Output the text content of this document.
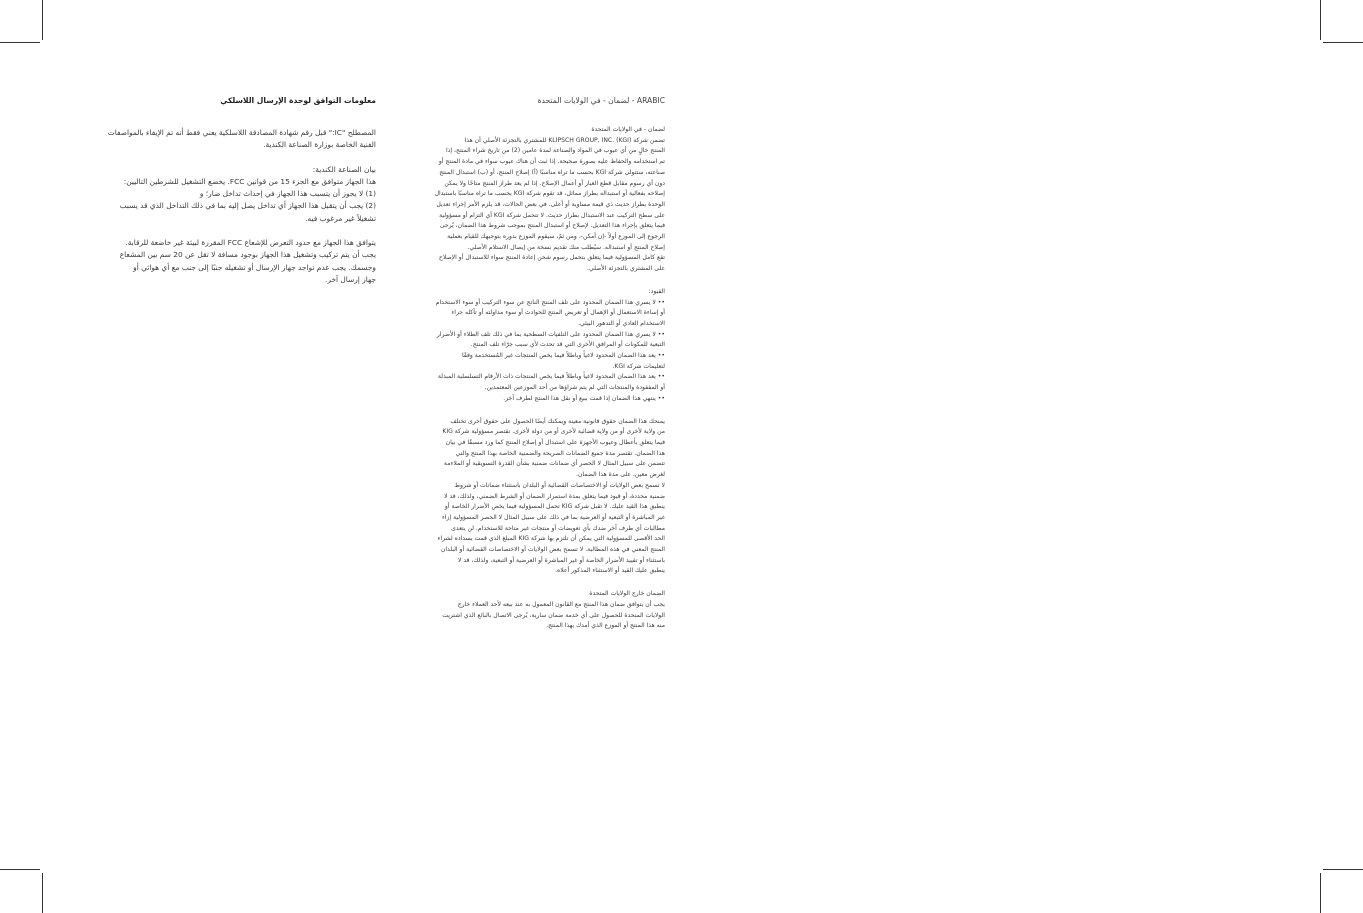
معلومات التوافق لوحدة الإرسال اللاسلكي
المصطلح "IC:" قبل رقم شهادة المصادقة اللاسلكية يعني فقط أنه تم الإيفاء بالمواصفات
الفنية الخاصة بوزارة الصناعة الكندية.
بيان الصناعة الكندية:
هذا الجهاز متوافق مع الجزء 15 من قوانين FCC. يخضع التشغيل للشرطين التاليين:
(1) لا يجوز أن يتسبب هذا الجهاز في إحداث تداخل ضار؛ و
(2) يجب أن يتقبل هذا الجهاز أي تداخل يصل إليه بما في ذلك التداخل الذي قد يسبب
تشغيلاً غير مرغوب فيه.
يتوافق هذا الجهاز مع حدود التعرض للإشعاع FCC المقررة لبيئة غير خاضعة للرقابة.
يجب أن يتم تركيب وتشغيل هذا الجهاز بوجود مسافة لا تقل عن 20 سم بين المشعاع
وجسمك. يجب عدم تواجد جهاز الإرسال أو تشغيله جنبًا إلى جنب مع أي هوائي أو
جهاز إرسال آخر.
ARABIC - لضمان - في الولايات المتحدة
لضمان - في الولايات المتحدة
تضمن شركة KLIPSCH GROUP, INC. (KGI) للمشتري بالتجزئة الأصلي أن هذا
المنتج خالٍ من أي عيوب في المواد والصناعة لمدة عامين (2) من تاريخ شراء المنتج، إذا
تم استخدامه والحفاظ عليه بصورة صحيحة. إذا ثبت أن هناك عيوب سواء في مادة المنتج أو
صناعته، ستتولى شركة KGI بحسب ما تراه مناسبًا (أ) إصلاح المنتج، أو (ب) استبدال المنتج
دون أي رسوم مقابل قطع الغيار أو أعمال الإصلاح. إذا لم يعد طراز المنتج متاحًا ولا يمكن
إصلاحه بفعالية أو استبداله بطراز مماثل، قد تقوم شركة KGI بحسب ما تراه مناسبًا باستبدال
الوحدة بطراز حديث ذي قيمة مساوية أو أعلى. في بعض الحالات، قد يلزم الأمر إجراء تعديل
على سطح التركيب عند الاستبدال بطراز حديث. لا تتحمل شركة KGI أي التزام أو مسؤولية
فيما يتعلق بإجراء هذا التعديل. لإصلاح أو استبدال المنتج بموجب شروط هذا الضمان، يُرجى
الرجوع إلى الموزع أولاً -إن أمكن-، ومن ثمّ، سيقوم الموزع بدوره بتوجيهك للقيام بعملية
إصلاح المنتج أو استبداله. سيُطلب منك تقديم نسخة من إيصال الاستلام الأصلي.
تقع كامل المسؤولية فيما يتعلق بتحمل رسوم شحن إعادة المنتج سواء للاستبدال أو الإصلاح
على المشتري بالتجزئة الأصلي.
القيود:
•• لا يسري هذا الضمان المحدود على تلف المنتج الناتج عن سوء التركيب أو سوء الاستخدام
أو إساءة الاستعمال أو الإهمال أو تعريض المنتج للحوادث أو سوء مداولته أو تآكله جراء
الاستخدام العادي أو التدهور البيئي.
•• لا يسري هذا الضمان المحدود على التلفيات السطحية بما في ذلك تلف الطلاء أو الأضرار
التبعية للمكونات أو المرافق الأخرى التي قد تحدث لأي سبب جرّاء تلف المنتج.
•• يعد هذا الضمان المحدود لاغياً وباطلاً فيما يخص المنتجات غير المُستخدمة وفقًا
لتعليمات شركة KGI.
•• يعد هذا الضمان المحدود لاغياً وباطلاً فيما يخص المنتجات ذات الأرقام التسلسلية المبدلة
أو المفقودة والمنتجات التي لم يتم شراؤها من أحد الموزعين المعتمدين.
•• ينتهي هذا الضمان إذا قمت ببيع أو نقل هذا المنتج لطرف آخر.
يمنحك هذا الضمان حقوق قانونية معينة ويمكنك أيضًا الحصول على حقوق أخرى تختلف
من ولاية لأخرى أو من ولاية قضائية لأخرى أو من دولة لأخرى. تقتصر مسؤولية شركة KIG
فيما يتعلق بأعطال وعيوب الأجهزة على استبدال أو إصلاح المنتج كما ورد مسبقًا في بيان
هذا الضمان. تقتصر مدة جميع الضمانات الصريحة والضمنية الخاصة بهذا المنتج والتي
تتضمن على سبيل المثال لا الحصر أي ضمانات ضمنية بشأن القدرة التسويقية أو الملاءمة
لغرض معين، على مدة هذا الضمان.
لا تسمح بعض الولايات أو الاختصاصات القضائية أو البلدان باستثناء ضمانات أو شروط
ضمنية محددة، أو قيود فيما يتعلق بمدة استمرار الضمان أو الشرط الضمني، ولذلك، قد لا
ينطبق هذا القيد عليك. لا تقبل شركة KIG تحمل المسؤولية فيما يخص الأضرار الخاصة أو
غير المباشرة أو التبعية أو العرضية بما في ذلك على سبيل المثال لا الحصر المسؤولية إزاء
مطالبات أي طرف آخر ضدك بأي تعويضات أو منتجات غير متاحة للاستخدام. لن يتعدى
الحد الأقصى للمسؤولية التي يمكن أن تلتزم بها شركة KIG المبلغ الذي قمت بسداده لشراء
المنتج المعني في هذه المطالبة. لا تسمح بعض الولايات أو الاختصاصات القضائية أو البلدان
باستثناء أو تقييد الأضرار الخاصة أو غير المباشرة أو العرضية أو التبعية، ولذلك، قد لا
ينطبق عليك القيد أو الاستثناء المذكور أعلاه.
الضمان خارج الولايات المتحدة
يجب أن يتوافق ضمان هذا المنتج مع القانون المعمول به عند بيعه لأحد العملاء خارج
الولايات المتحدة للحصول على أي خدمة ضمان سارية، يُرجى الاتصال بالبائع الذي اشتريت
منه هذا المنتج أو الموزع الذي أمدك بهذا المنتج.
